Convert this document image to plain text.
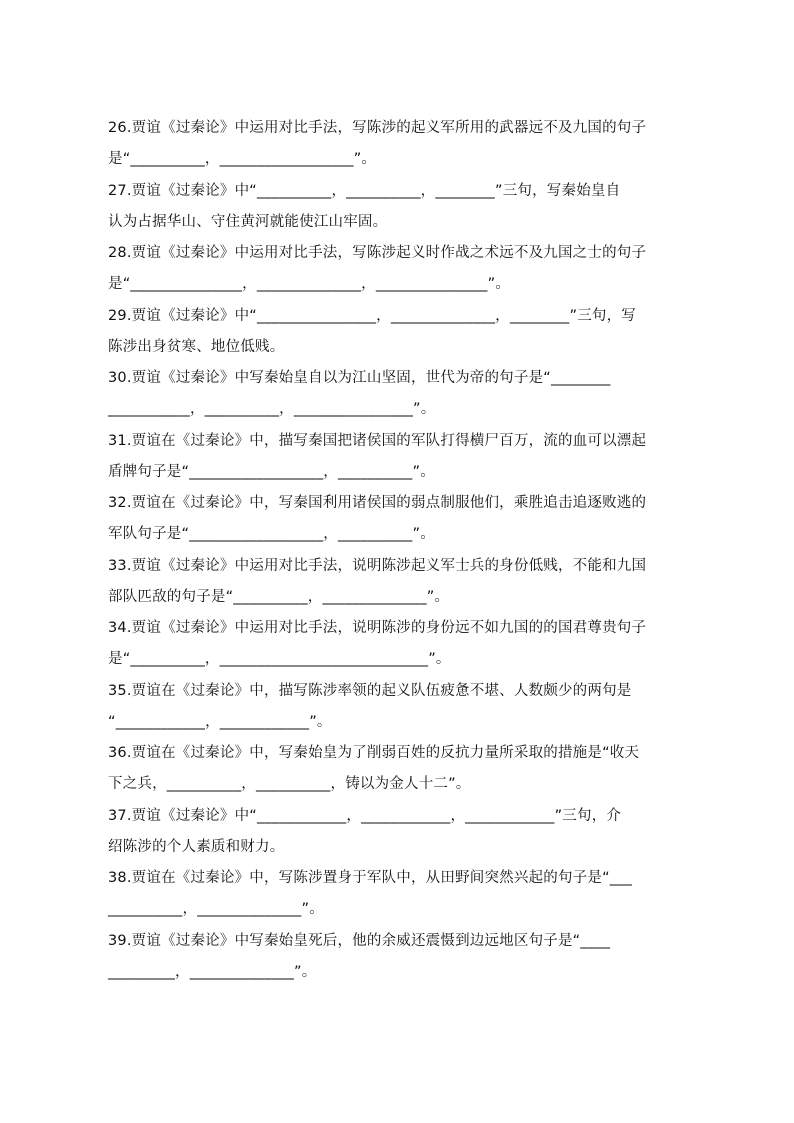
26.贾谊《过秦论》中运用对比手法，写陈涉的起义军所用的武器远不及九国的句子
是“__________，__________________”。
27.贾谊《过秦论》中“__________，__________，________”三句，写秦始皇自
认为占据华山、守住黄河就能使江山牢固。
28.贾谊《过秦论》中运用对比手法，写陈涉起义时作战之术远不及九国之士的句子
是“_______________，______________，_______________”。
29.贾谊《过秦论》中“________________，______________，________”三句，写
陈涉出身贫寒、地位低贱。
30.贾谊《过秦论》中写秦始皇自以为江山坚固，世代为帝的句子是“________
___________，__________，________________”。
31.贾谊在《过秦论》中，描写秦国把诸侯国的军队打得横尸百万，流的血可以漂起
盾牌句子是“__________________，__________”。
32.贾谊在《过秦论》中，写秦国利用诸侯国的弱点制服他们，乘胜追击追逐败逃的
军队句子是“__________________，__________”。
33.贾谊《过秦论》中运用对比手法，说明陈涉起义军士兵的身份低贱，不能和九国
部队匹敌的句子是“__________，______________”。
34.贾谊《过秦论》中运用对比手法，说明陈涉的身份远不如九国的的国君尊贵句子
是“__________，____________________________”。
35.贾谊在《过秦论》中，描写陈涉率领的起义队伍疲惫不堪、人数颇少的两句是
“____________，____________”。
36.贾谊在《过秦论》中，写秦始皇为了削弱百姓的反抗力量所采取的措施是“收天
下之兵，__________，__________，铸以为金人十二”。
37.贾谊《过秦论》中“____________，____________，____________”三句，介
绍陈涉的个人素质和财力。
38.贾谊在《过秦论》中，写陈涉置身于军队中，从田野间突然兴起的句子是“___
__________，______________”。
39.贾谊《过秦论》中写秦始皇死后，他的余威还震慑到边远地区句子是“____
_________，______________”。
